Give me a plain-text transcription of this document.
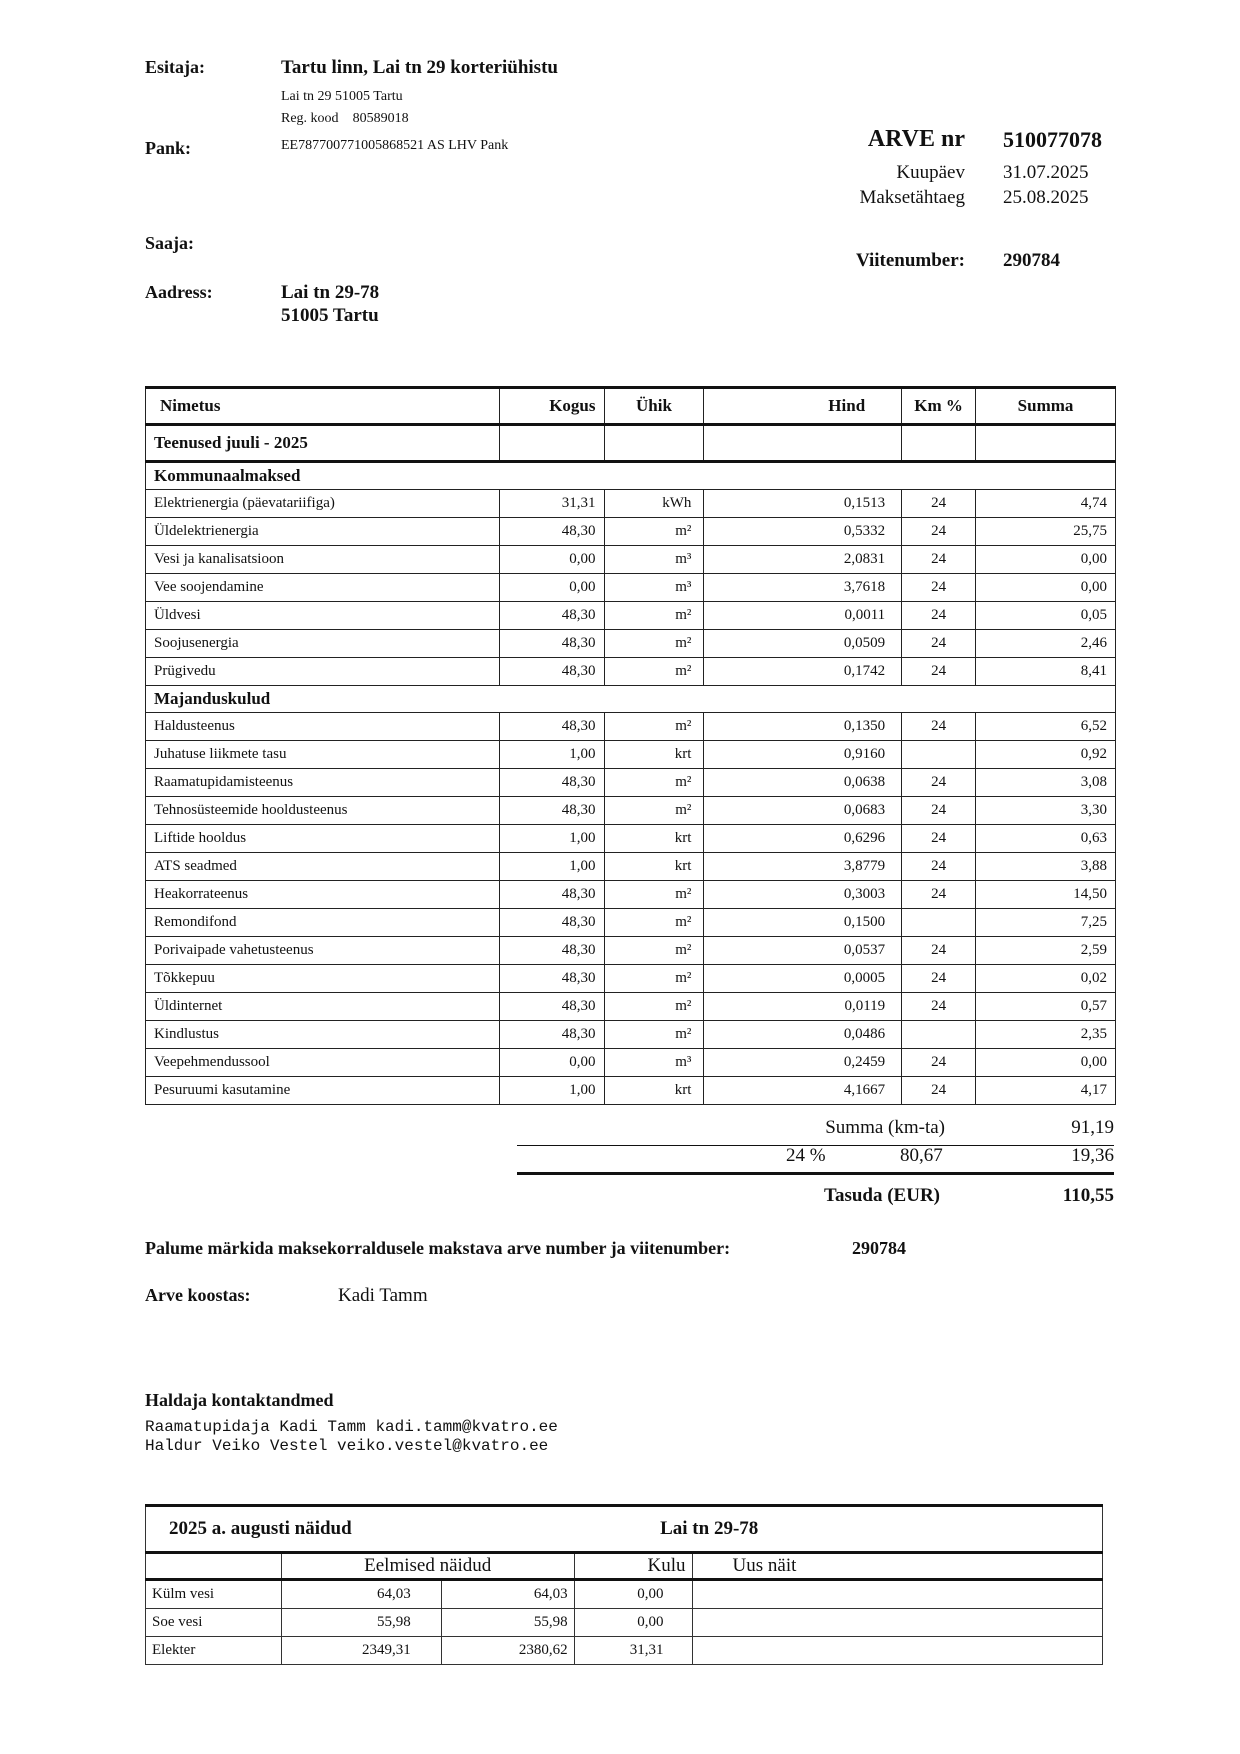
Esitaja:	Tartu linn, Lai tn 29 korteriühistu
Lai tn 29 51005 Tartu
Reg. kood 80589018
Pank:	EE787700771005868521 AS LHV Pank
Saaja:
Aadress:	Lai tn 29-78
51005 Tartu
ARVE nr 510077078
Kuupäev 31.07.2025
Maksetähtaeg 25.08.2025
Viitenumber: 290784
Nimetus	Kogus	Ühik	Hind	Km %	Summa
Teenused juuli - 2025					
Kommunaalmaksed					
Elektrienergia (päevatariifiga)	31,31	kWh	0,1513	24	4,74
Üldelektrienergia	48,30	m²	0,5332	24	25,75
Vesi ja kanalisatsioon	0,00	m³	2,0831	24	0,00
Vee soojendamine	0,00	m³	3,7618	24	0,00
Üldvesi	48,30	m²	0,0011	24	0,05
Soojusenergia	48,30	m²	0,0509	24	2,46
Prügivedu	48,30	m²	0,1742	24	8,41
Majanduskulud					
Haldusteenus	48,30	m²	0,1350	24	6,52
Juhatuse liikmete tasu	1,00	krt	0,9160		0,92
Raamatupidamisteenus	48,30	m²	0,0638	24	3,08
Tehnosüsteemide hooldusteenus	48,30	m²	0,0683	24	3,30
Liftide hooldus	1,00	krt	0,6296	24	0,63
ATS seadmed	1,00	krt	3,8779	24	3,88
Heakorrateenus	48,30	m²	0,3003	24	14,50
Remondifond	48,30	m²	0,1500		7,25
Porivaipade vahetusteenus	48,30	m²	0,0537	24	2,59
Tõkkepuu	48,30	m²	0,0005	24	0,02
Üldinternet	48,30	m²	0,0119	24	0,57
Kindlustus	48,30	m²	0,0486		2,35
Veepehmendussool	0,00	m³	0,2459	24	0,00
Pesuruumi kasutamine	1,00	krt	4,1667	24	4,17
Summa (km-ta)	91,19
24 %	80,67	19,36
Tasuda (EUR)	110,55
Palume märkida maksekorraldusele makstava arve number ja viitenumber:	290784
Arve koostas:	Kadi Tamm
Haldaja kontaktandmed
Raamatupidaja Kadi Tamm kadi.tamm@kvatro.ee
Haldur Veiko Vestel veiko.vestel@kvatro.ee
2025 a. augusti näidud			Lai tn 29-78	
	Eelmised näidud		Kulu	Uus näit
Külm vesi	64,03	64,03	0,00	
Soe vesi	55,98	55,98	0,00	
Elekter	2349,31	2380,62	31,31	
